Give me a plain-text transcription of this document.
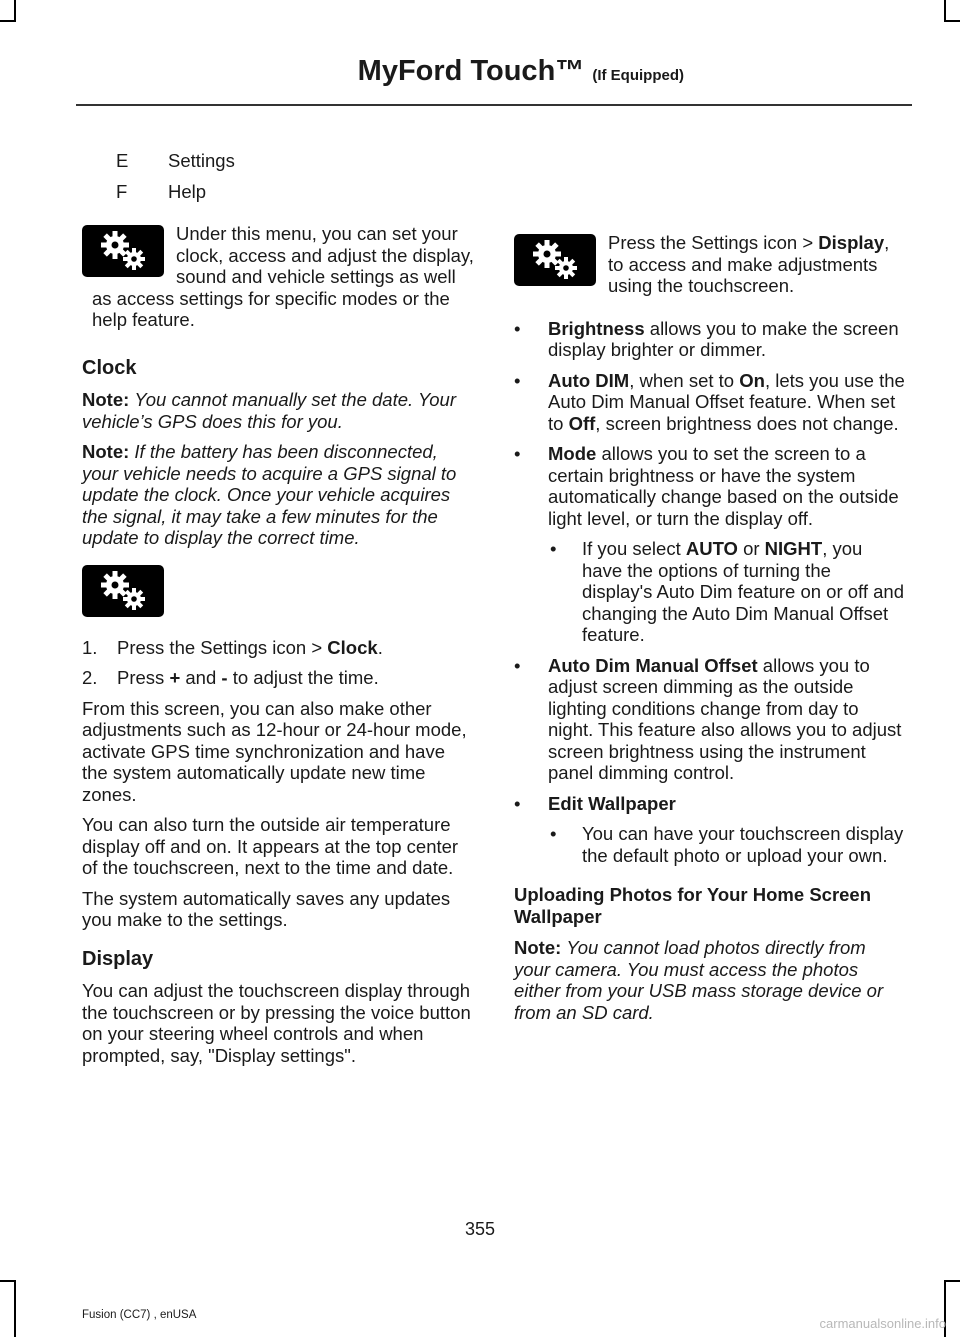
MyFord Touch™ (If Equipped)
E	Settings
F	Help

Under this menu, you can set your clock, access and adjust the display, sound and vehicle settings as well as access settings for specific modes or the help feature.

Clock

Note: You cannot manually set the date. Your vehicle’s GPS does this for you.

Note: If the battery has been disconnected, your vehicle needs to acquire a GPS signal to update the clock. Once your vehicle acquires the signal, it may take a few minutes for the update to display the correct time.

1.	Press the Settings icon > Clock.
2.	Press + and - to adjust the time.

From this screen, you can also make other adjustments such as 12-hour or 24-hour mode, activate GPS time synchronization and have the system automatically update new time zones.

You can also turn the outside air temperature display off and on. It appears at the top center of the touchscreen, next to the time and date.

The system automatically saves any updates you make to the settings.

Display

You can adjust the touchscreen display through the touchscreen or by pressing the voice button on your steering wheel controls and when prompted, say, "Display settings".

Press the Settings icon > Display, to access and make adjustments using the touchscreen.

•	Brightness allows you to make the screen display brighter or dimmer.
•	Auto DIM, when set to On, lets you use the Auto Dim Manual Offset feature. When set to Off, screen brightness does not change.
•	Mode allows you to set the screen to a certain brightness or have the system automatically change based on the outside light level, or turn the display off.
•	If you select AUTO or NIGHT, you have the options of turning the display's Auto Dim feature on or off and changing the Auto Dim Manual Offset feature.
•	Auto Dim Manual Offset allows you to adjust screen dimming as the outside lighting conditions change from day to night. This feature also allows you to adjust screen brightness using the instrument panel dimming control.
•	Edit Wallpaper
•	You can have your touchscreen display the default photo or upload your own.
Uploading Photos for Your Home Screen Wallpaper

Note: You cannot load photos directly from your camera. You must access the photos either from your USB mass storage device or from an SD card.

355
Fusion (CC7) , enUSA
carmanualsonline.info
